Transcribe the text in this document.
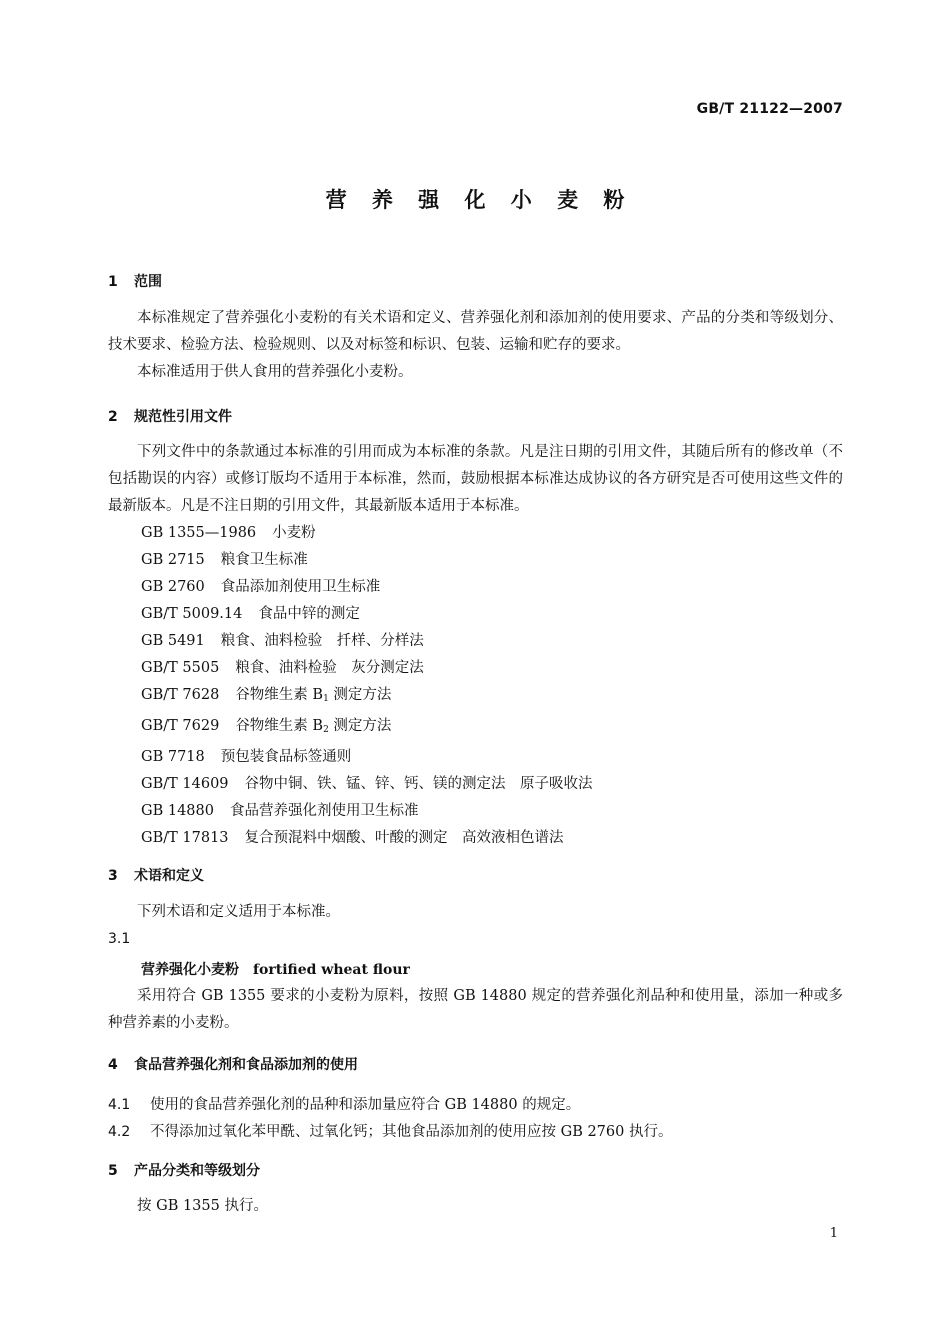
GB/T 21122—2007
营 养 强 化 小 麦 粉
1 范围

本标准规定了营养强化小麦粉的有关术语和定义、营养强化剂和添加剂的使用要求、产品的分类和等级划分、技术要求、检验方法、检验规则、以及对标签和标识、包装、运输和贮存的要求。

本标准适用于供人食用的营养强化小麦粉。

2 规范性引用文件

下列文件中的条款通过本标准的引用而成为本标准的条款。凡是注日期的引用文件，其随后所有的修改单（不包括勘误的内容）或修订版均不适用于本标准，然而，鼓励根据本标准达成协议的各方研究是否可使用这些文件的最新版本。凡是不注日期的引用文件，其最新版本适用于本标准。

GB 1355—1986 小麦粉
GB 2715 粮食卫生标准
GB 2760 食品添加剂使用卫生标准
GB/T 5009.14 食品中锌的测定
GB 5491 粮食、油料检验　扦样、分样法
GB/T 5505 粮食、油料检验　灰分测定法
GB/T 7628 谷物维生素 $B_1$ 测定方法
GB/T 7629 谷物维生素 $B_2$ 测定方法
GB 7718 预包装食品标签通则
GB/T 14609 谷物中铜、铁、锰、锌、钙、镁的测定法　原子吸收法
GB 14880 食品营养强化剂使用卫生标准
GB/T 17813 复合预混料中烟酸、叶酸的测定　高效液相色谱法
3 术语和定义

下列术语和定义适用于本标准。

3.1
营养强化小麦粉 fortified wheat flour

采用符合 GB 1355 要求的小麦粉为原料，按照 GB 14880 规定的营养强化剂品种和使用量，添加一种或多种营养素的小麦粉。

4 食品营养强化剂和食品添加剂的使用
4.1 使用的食品营养强化剂的品种和添加量应符合 GB 14880 的规定。
4.2 不得添加过氧化苯甲酰、过氧化钙；其他食品添加剂的使用应按 GB 2760 执行。
5 产品分类和等级划分

按 GB 1355 执行。

1
